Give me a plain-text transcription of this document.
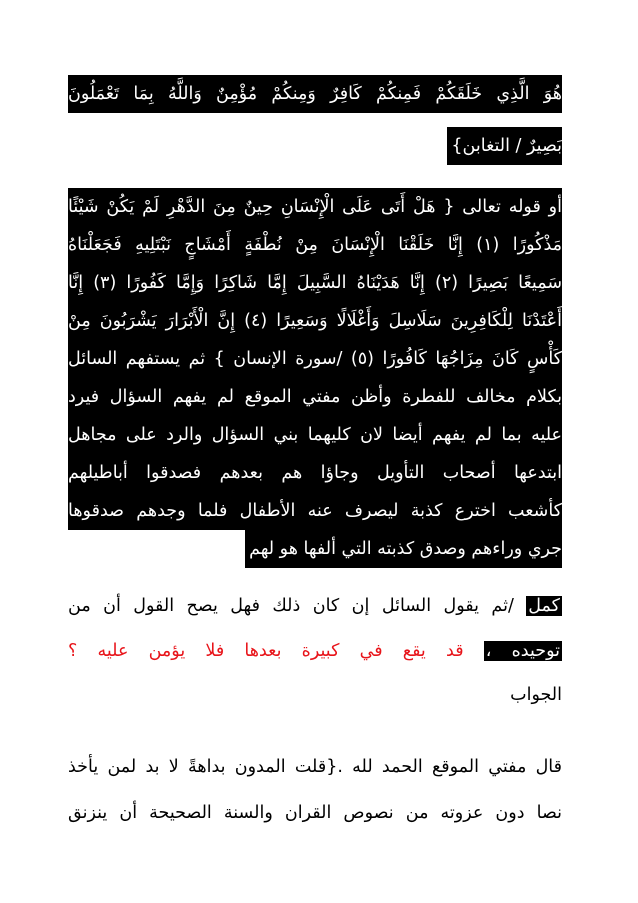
هُوَ الَّذِي خَلَقَكُمْ فَمِنكُمْ كَافِرٌ وَمِنكُمْ مُؤْمِنٌ وَاللَّهُ بِمَا تَعْمَلُونَ
بَصِيرٌ / التغابن}
أو قوله تعالى { هَلْ أَتَى عَلَى الْإِنْسَانِ حِينٌ مِنَ الدَّهْرِ لَمْ يَكُنْ شَيْئًا
مَذْكُورًا (١) إِنَّا خَلَقْنَا الْإِنْسَانَ مِنْ نُطْفَةٍ أَمْشَاجٍ نَبْتَلِيهِ فَجَعَلْنَاهُ
سَمِيعًا بَصِيرًا (٢) إِنَّا هَدَيْنَاهُ السَّبِيلَ إِمَّا شَاكِرًا وَإِمَّا كَفُورًا (٣) إِنَّا
أَعْتَدْنَا لِلْكَافِرِينَ سَلَاسِلَ وَأَغْلَالًا وَسَعِيرًا (٤) إِنَّ الْأَبْرَارَ يَشْرَبُونَ مِنْ
كَأْسٍ كَانَ مِزَاجُهَا كَافُورًا (٥) /سورة الإنسان } ثم يستفهم السائل
بكلام مخالف للفطرة وأظن مفتي الموقع لم يفهم السؤال فيرد
عليه بما لم يفهم أيضا لان كليهما بني السؤال والرد على مجاهل
ابتدعها أصحاب التأويل وجاؤا هم بعدهم فصدقوا أباطيلهم
كأشعب اخترع كذبة ليصرف عنه الأطفال فلما وجدهم صدقوها
جري وراءهم وصدق كذبته التي ألفها هو لهم
كمل /ثم يقول السائل إن كان ذلك فهل يصح القول أن من
توحيده ، قد يقع في كبيرة بعدها فلا يؤمن عليه ؟
الجواب
قال مفتي الموقع الحمد لله .{قلت المدون بداهةً لا بد لمن يأخذ
نصا دون عزوته من نصوص القران والسنة الصحيحة أن ينزنق
